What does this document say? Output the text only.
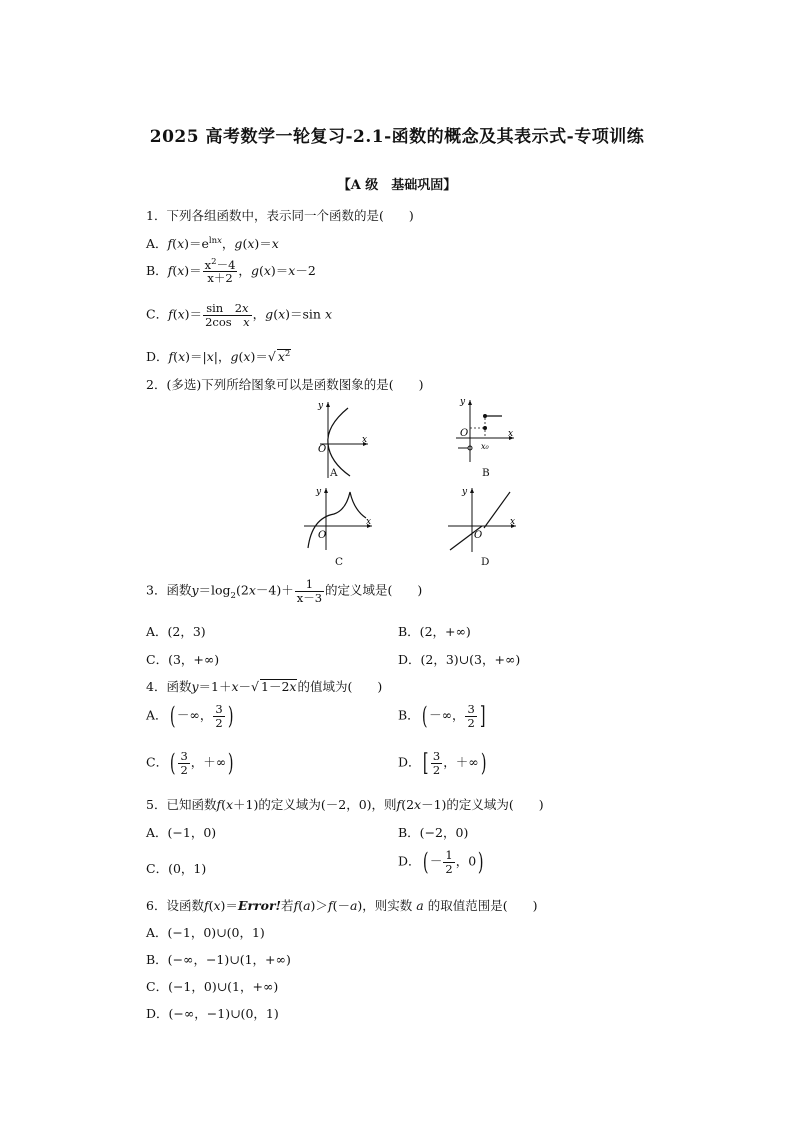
2025 高考数学一轮复习-2.1-函数的概念及其表示式-专项训练
【A 级　基础巩固】
1．下列各组函数中，表示同一个函数的是(　　)
A．$f(x)=e^{lnx}$，g(x)＝x
B．$f(x)= \frac{x^2-4}{x+2}$ ，g(x)＝x－2
C．$f(x)= \frac{\sin 2x}{\text{2cos　x}}$ ，g(x)＝sin x
D．f(x)＝|x|，g(x)＝√ $x^2$
2．(多选)下列所给图象可以是函数图象的是(　　)
y
x
O
A
y
x
O
x₀
B
y
x
O
C
y
x
O
D
3．函数$y=\log_2(2x-4)+ \frac{1}{x-3}$ 的定义域是(　　)
A．(2，3)	B．(2，+∞)
C．(3，+∞)	D．(2，3)∪(3，+∞)
4．函数y＝1＋x－√ 1－2x的值域为(　　)
A．( －∞， $\frac{3}{2}$ )	B．( －∞， $\frac{3}{2}$ ]
C．( $\frac{3}{2}$ ，＋∞)	D．[ $\frac{3}{2}$ ，＋∞)
5．已知函数f(x＋1)的定义域为(－2，0)，则f(2x－1)的定义域为(　　)
A．(−1，0)	B．(−2，0)
C．(0，1)	D．( － $\frac{1}{2}$ ，0)
6．设函数f(x)＝Error!若f(a)＞f(－a)，则实数 a 的取值范围是(　　)
A．(−1，0)∪(0，1)
B．(−∞，−1)∪(1，+∞)
C．(−1，0)∪(1，+∞)
D．(−∞，−1)∪(0，1)
